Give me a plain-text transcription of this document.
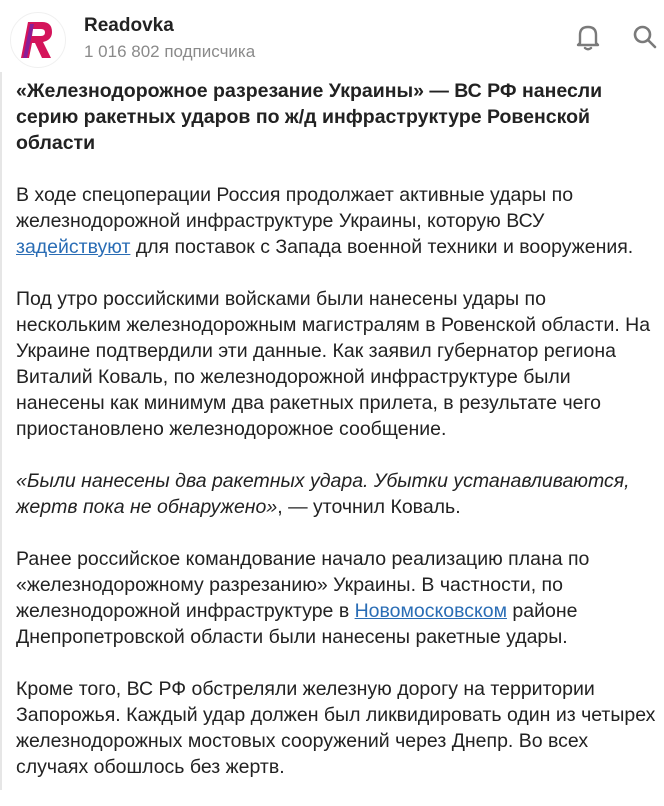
Readovka
1 016 802 подписчика

«Железнодорожное разрезание Украины» — ВС РФ нанесли серию ракетных ударов по ж/д инфраструктуре Ровенской области

В ходе спецоперации Россия продолжает активные удары по железнодорожной инфраструктуре Украины, которую ВСУ задействуют для поставок с Запада военной техники и вооружения.

Под утро российскими войсками были нанесены удары по нескольким железнодорожным магистралям в Ровенской области. На Украине подтвердили эти данные. Как заявил губернатор региона Виталий Коваль, по железнодорожной инфраструктуре были нанесены как минимум два ракетных прилета, в результате чего приостановлено железнодорожное сообщение.

«Были нанесены два ракетных удара. Убытки устанавливаются, жертв пока не обнаружено», — уточнил Коваль.

Ранее российское командование начало реализацию плана по «железнодорожному разрезанию» Украины. В частности, по железнодорожной инфраструктуре в Новомосковском районе Днепропетровской области были нанесены ракетные удары.

Кроме того, ВС РФ обстреляли железную дорогу на территории Запорожья. Каждый удар должен был ликвидировать один из четырех железнодорожных мостовых сооружений через Днепр. Во всех случаях обошлось без жертв.
